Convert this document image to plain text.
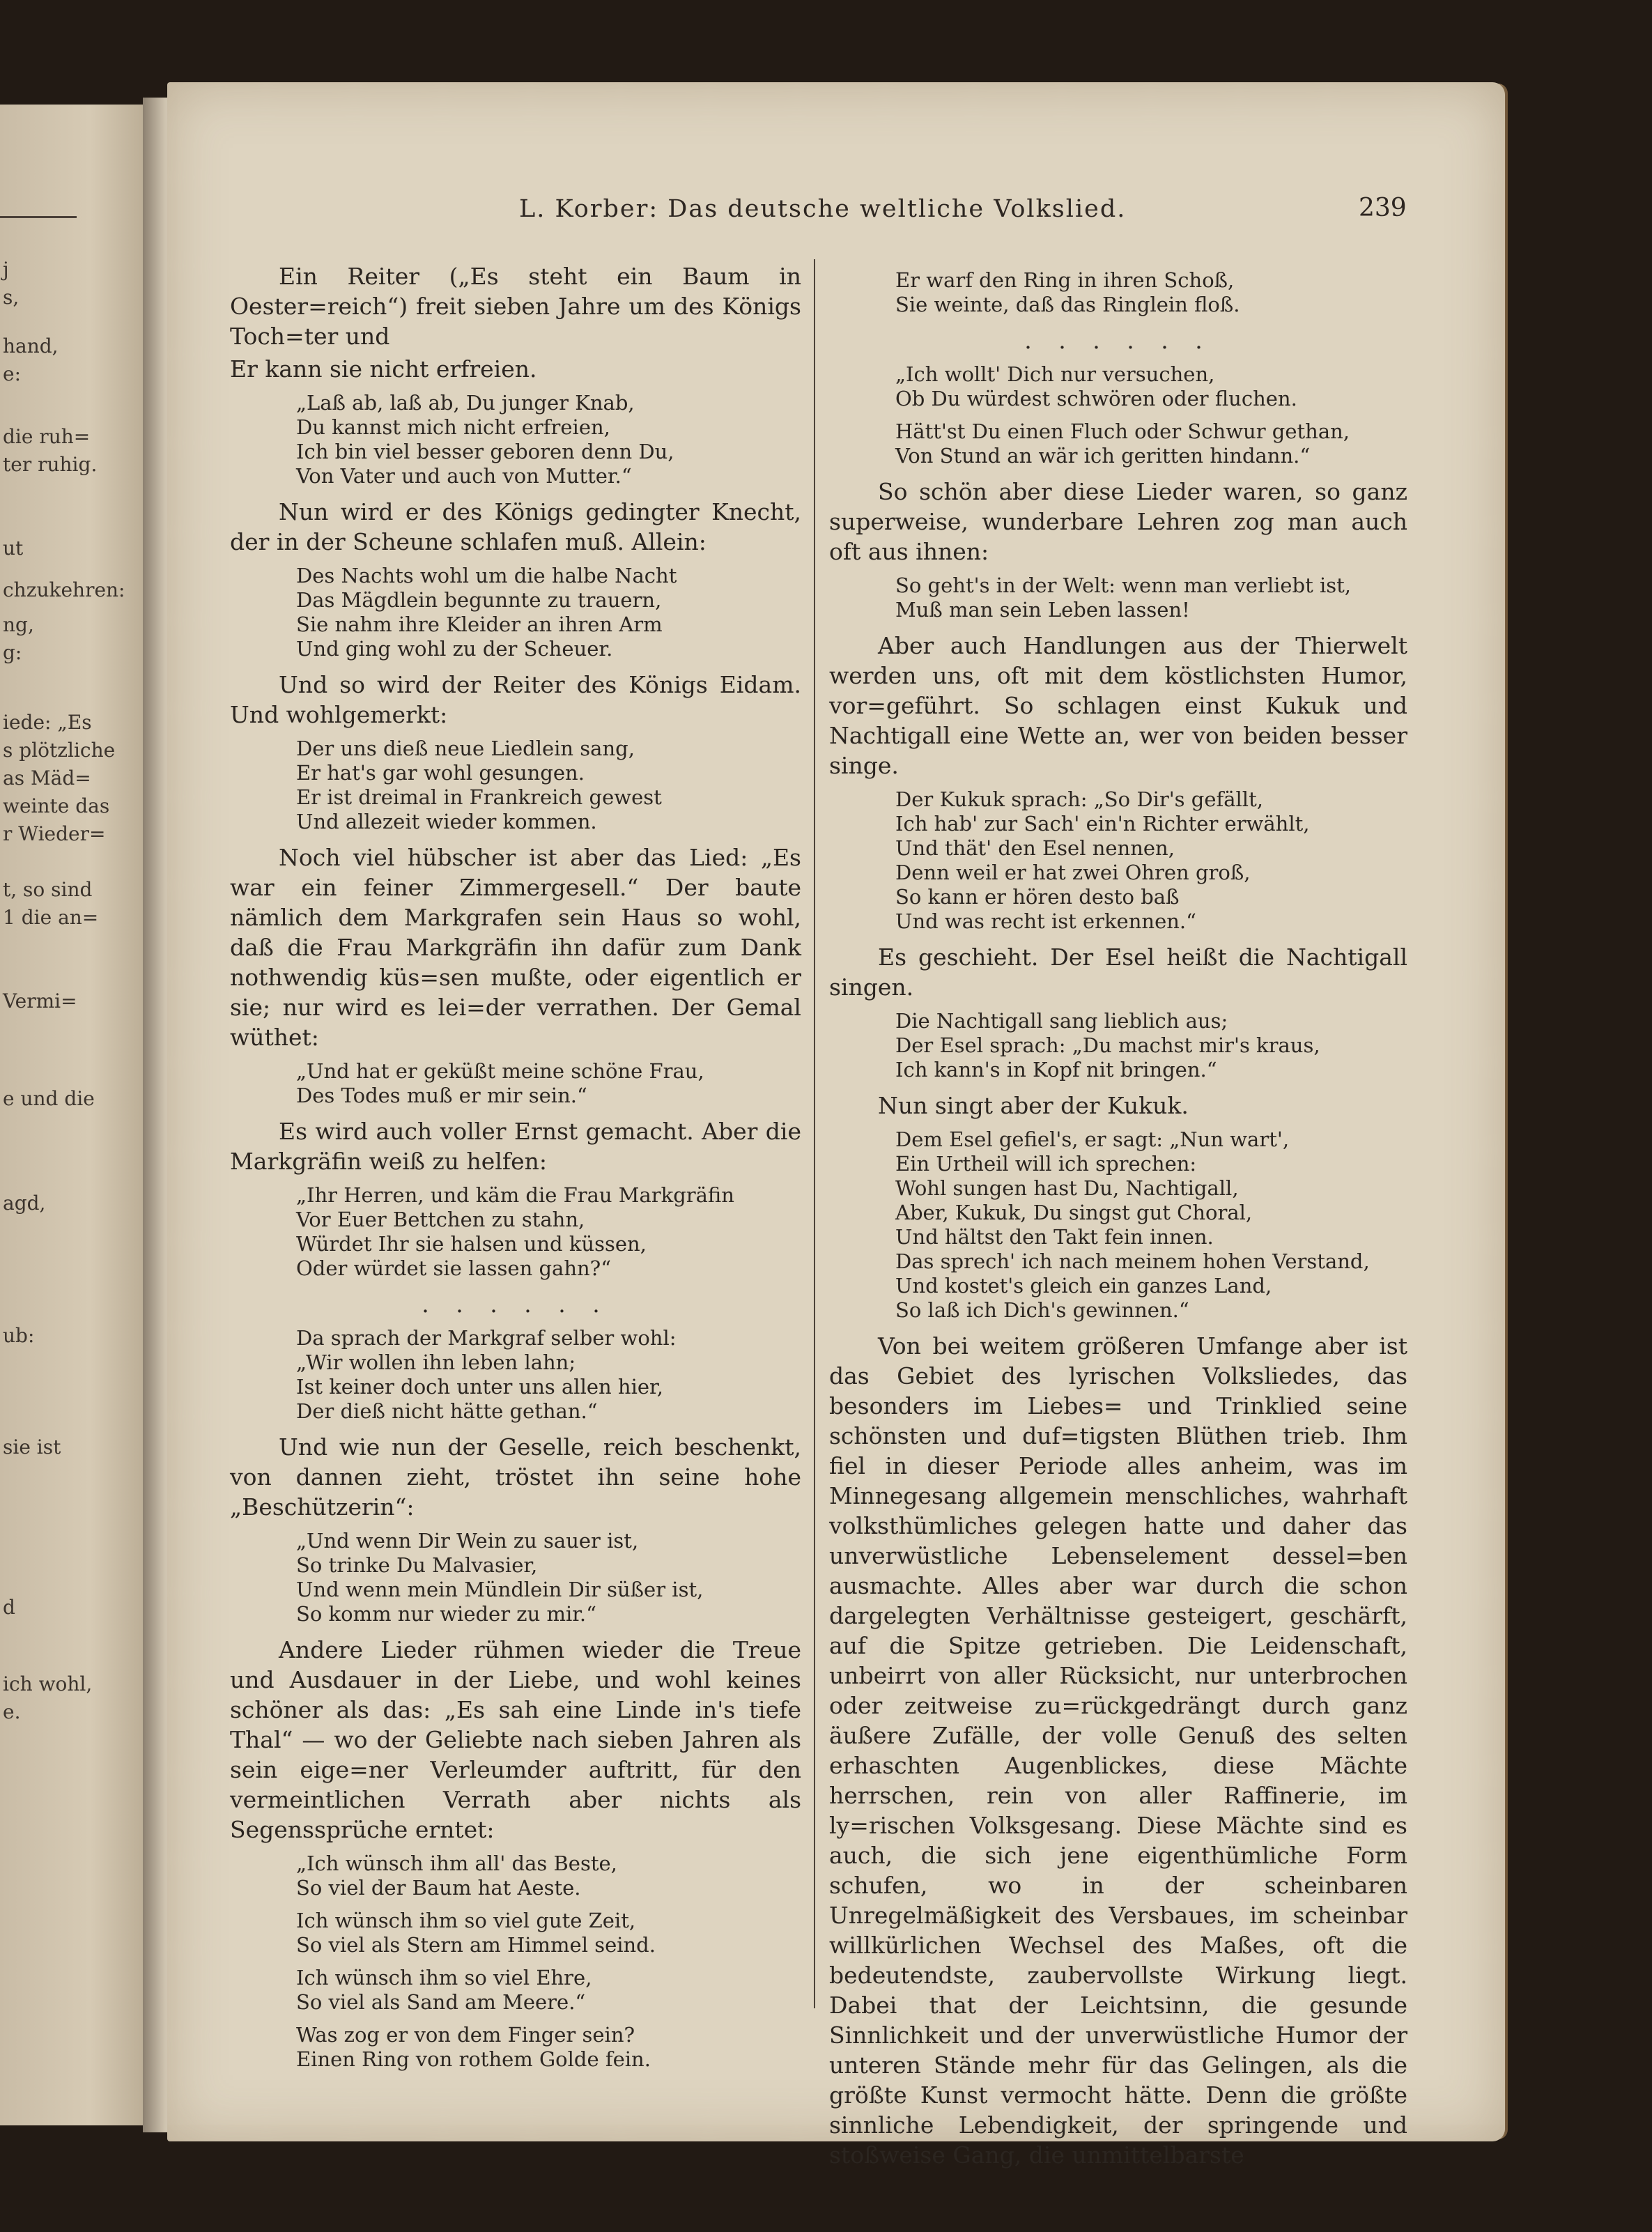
j
s,
hand,
e:
die ruh=
ter ruhig.
ut
chzukehren:
ng,
g:
iede: „Es
s plötzliche
as Mäd=
weinte das
r Wieder=
t, so sind
1 die an=
Vermi=
e und die
agd,
ub:
sie ist
d
ich wohl,
e.
L. Korber: Das deutsche weltliche Volkslied.	239

Ein Reiter („Es steht ein Baum in Oester=reich“) freit sieben Jahre um des Königs Toch=ter und

Er kann sie nicht erfreien.

„Laß ab, laß ab, Du junger Knab,
Du kannst mich nicht erfreien,
Ich bin viel besser geboren denn Du,
Von Vater und auch von Mutter.“

Nun wird er des Königs gedingter Knecht, der in der Scheune schlafen muß. Allein:

Des Nachts wohl um die halbe Nacht
Das Mägdlein begunnte zu trauern,
Sie nahm ihre Kleider an ihren Arm
Und ging wohl zu der Scheuer.

Und so wird der Reiter des Königs Eidam. Und wohlgemerkt:

Der uns dieß neue Liedlein sang,
Er hat's gar wohl gesungen.
Er ist dreimal in Frankreich gewest
Und allezeit wieder kommen.

Noch viel hübscher ist aber das Lied: „Es war ein feiner Zimmergesell.“ Der baute nämlich dem Markgrafen sein Haus so wohl, daß die Frau Markgräfin ihn dafür zum Dank nothwendig küs=sen mußte, oder eigentlich er sie; nur wird es lei=der verrathen. Der Gemal wüthet:

„Und hat er geküßt meine schöne Frau,
Des Todes muß er mir sein.“

Es wird auch voller Ernst gemacht. Aber die Markgräfin weiß zu helfen:

„Ihr Herren, und käm die Frau Markgräfin
Vor Euer Bettchen zu stahn,
Würdet Ihr sie halsen und küssen,
Oder würdet sie lassen gahn?“
. . . . . .
Da sprach der Markgraf selber wohl:
„Wir wollen ihn leben lahn;
Ist keiner doch unter uns allen hier,
Der dieß nicht hätte gethan.“

Und wie nun der Geselle, reich beschenkt, von dannen zieht, tröstet ihn seine hohe „Beschützerin“:

„Und wenn Dir Wein zu sauer ist,
So trinke Du Malvasier,
Und wenn mein Mündlein Dir süßer ist,
So komm nur wieder zu mir.“

Andere Lieder rühmen wieder die Treue und Ausdauer in der Liebe, und wohl keines schöner als das: „Es sah eine Linde in's tiefe Thal“ — wo der Geliebte nach sieben Jahren als sein eige=ner Verleumder auftritt, für den vermeintlichen Verrath aber nichts als Segenssprüche erntet:

„Ich wünsch ihm all' das Beste,
So viel der Baum hat Aeste.
Ich wünsch ihm so viel gute Zeit,
So viel als Stern am Himmel seind.
Ich wünsch ihm so viel Ehre,
So viel als Sand am Meere.“
Was zog er von dem Finger sein?
Einen Ring von rothem Golde fein.
Er warf den Ring in ihren Schoß,
Sie weinte, daß das Ringlein floß.
. . . . . .
„Ich wollt' Dich nur versuchen,
Ob Du würdest schwören oder fluchen.
Hätt'st Du einen Fluch oder Schwur gethan,
Von Stund an wär ich geritten hindann.“

So schön aber diese Lieder waren, so ganz superweise, wunderbare Lehren zog man auch oft aus ihnen:

So geht's in der Welt: wenn man verliebt ist,
Muß man sein Leben lassen!

Aber auch Handlungen aus der Thierwelt werden uns, oft mit dem köstlichsten Humor, vor=geführt. So schlagen einst Kukuk und Nachtigall eine Wette an, wer von beiden besser singe.

Der Kukuk sprach: „So Dir's gefällt,
Ich hab' zur Sach' ein'n Richter erwählt,
Und thät' den Esel nennen,
Denn weil er hat zwei Ohren groß,
So kann er hören desto baß
Und was recht ist erkennen.“

Es geschieht. Der Esel heißt die Nachtigall singen.

Die Nachtigall sang lieblich aus;
Der Esel sprach: „Du machst mir's kraus,
Ich kann's in Kopf nit bringen.“

Nun singt aber der Kukuk.

Dem Esel gefiel's, er sagt: „Nun wart',
Ein Urtheil will ich sprechen:
Wohl sungen hast Du, Nachtigall,
Aber, Kukuk, Du singst gut Choral,
Und hältst den Takt fein innen.
Das sprech' ich nach meinem hohen Verstand,
Und kostet's gleich ein ganzes Land,
So laß ich Dich's gewinnen.“

Von bei weitem größeren Umfange aber ist das Gebiet des lyrischen Volksliedes, das besonders im Liebes= und Trinklied seine schönsten und duf=tigsten Blüthen trieb. Ihm fiel in dieser Periode alles anheim, was im Minnegesang allgemein menschliches, wahrhaft volksthümliches gelegen hatte und daher das unverwüstliche Lebenselement dessel=ben ausmachte. Alles aber war durch die schon dargelegten Verhältnisse gesteigert, geschärft, auf die Spitze getrieben. Die Leidenschaft, unbeirrt von aller Rücksicht, nur unterbrochen oder zeitweise zu=rückgedrängt durch ganz äußere Zufälle, der volle Genuß des selten erhaschten Augenblickes, diese Mächte herrschen, rein von aller Raffinerie, im ly=rischen Volksgesang. Diese Mächte sind es auch, die sich jene eigenthümliche Form schufen, wo in der scheinbaren Unregelmäßigkeit des Versbaues, im scheinbar willkürlichen Wechsel des Maßes, oft die bedeutendste, zaubervollste Wirkung liegt. Dabei that der Leichtsinn, die gesunde Sinnlichkeit und der unverwüstliche Humor der unteren Stände mehr für das Gelingen, als die größte Kunst vermocht hätte. Denn die größte sinnliche Lebendigkeit, der springende und stoßweise Gang, die unmittelbarste
